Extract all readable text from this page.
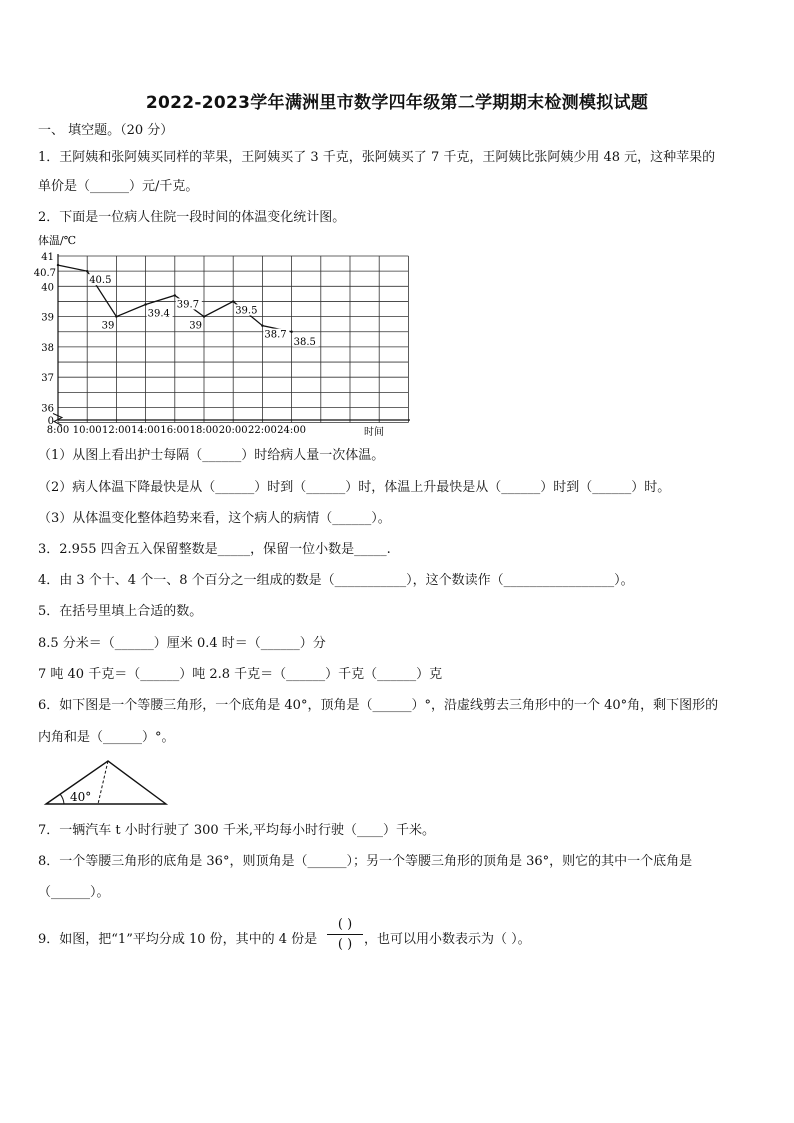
2022-2023学年满洲里市数学四年级第二学期期末检测模拟试题
一、 填空题。（20 分）
1．王阿姨和张阿姨买同样的苹果，王阿姨买了 3 千克，张阿姨买了 7 千克，王阿姨比张阿姨少用 48 元，这种苹果的
单价是（______）元/千克。
2．下面是一位病人住院一段时间的体温变化统计图。
0
36
37
38
39
40
41
8:00 10:00 12:00 14:00 16:00 18:00 20:00 22:00 24:00
40.7
40.5
39
39.4
39.7
39
39.5
38.7
38.5
体温/℃
时间
（1）从图上看出护士每隔（______）时给病人量一次体温。
（2）病人体温下降最快是从（______）时到（______）时，体温上升最快是从（______）时到（______）时。
（3）从体温变化整体趋势来看，这个病人的病情（______）。
3．2.955 四舍五入保留整数是_____，保留一位小数是_____.
4．由 3 个十、4 个一、8 个百分之一组成的数是（___________），这个数读作（_________________）。
5．在括号里填上合适的数。
8.5 分米＝（______）厘米 0.4 时＝（______）分
7 吨 40 千克＝（______）吨 2.8 千克＝（______）千克（______）克
6．如下图是一个等腰三角形，一个底角是 40°，顶角是（______）°，沿虚线剪去三角形中的一个 40°角，剩下图形的
内角和是（______）°。
40°
7．一辆汽车 t 小时行驶了 300 千米,平均每小时行驶（____）千米。
8．一个等腰三角形的底角是 36°，则顶角是（______）；另一个等腰三角形的顶角是 36°，则它的其中一个底角是
（______）。
9．如图，把“1”平均分成 10 份，其中的 4 份是
( )
( ) ，也可以用小数表示为（ ）。
